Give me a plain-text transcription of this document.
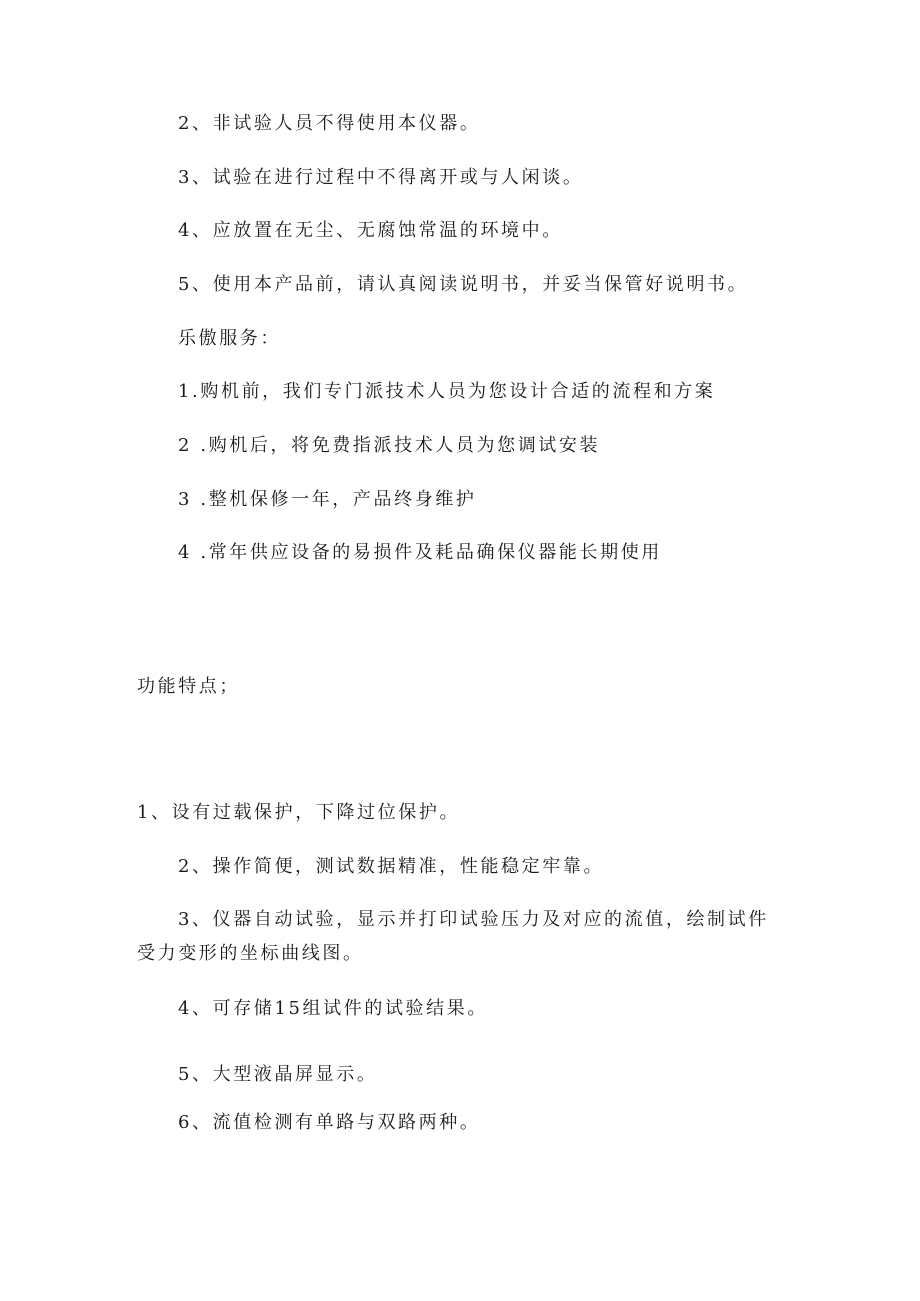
2、非试验人员不得使用本仪器。

3、试验在进行过程中不得离开或与人闲谈。

4、应放置在无尘、无腐蚀常温的环境中。

5、使用本产品前，请认真阅读说明书，并妥当保管好说明书。

乐傲服务：

1.购机前，我们专门派技术人员为您设计合适的流程和方案

2 .购机后，将免费指派技术人员为您调试安装

3 .整机保修一年，产品终身维护

4 .常年供应设备的易损件及耗品确保仪器能长期使用

功能特点；

1、设有过载保护，下降过位保护。

2、操作简便，测试数据精准，性能稳定牢靠。

3、仪器自动试验，显示并打印试验压力及对应的流值，绘制试件受力变形的坐标曲线图。

4、可存储15组试件的试验结果。

5、大型液晶屏显示。

6、流值检测有单路与双路两种。
